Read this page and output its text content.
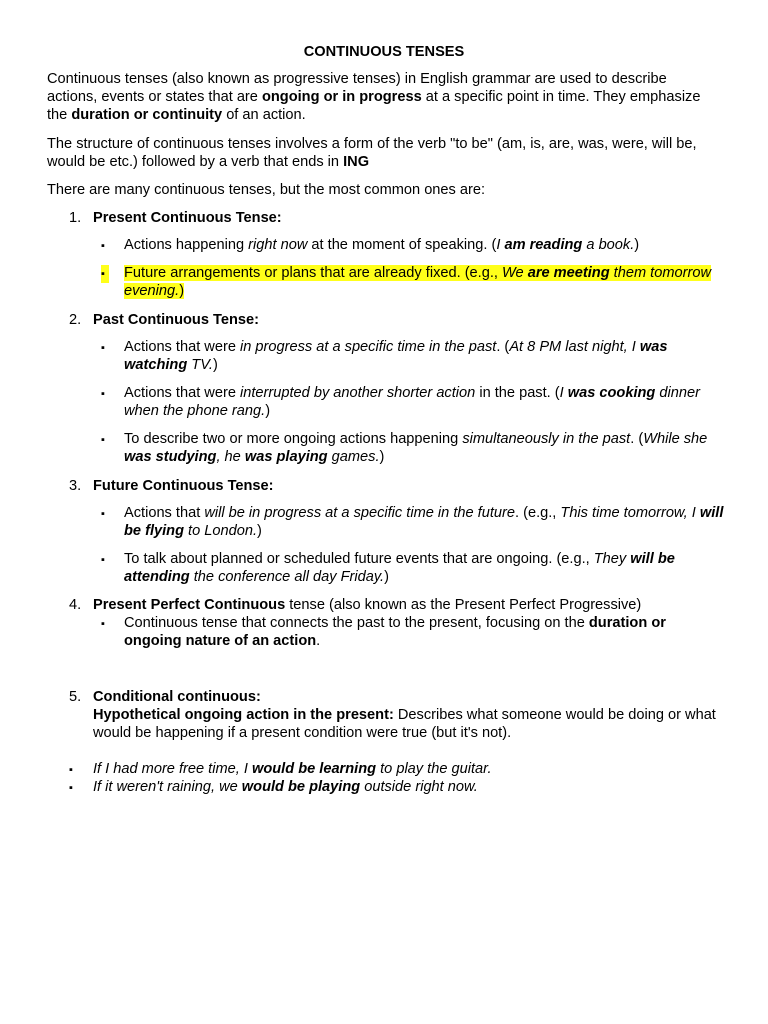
CONTINUOUS TENSES
Continuous tenses (also known as progressive tenses) in English grammar are used to describe actions, events or states that are ongoing or in progress at a specific point in time. They emphasize the duration or continuity of an action.
The structure of continuous tenses involves a form of the verb "to be" (am, is, are, was, were, will be, would be etc.) followed by a verb that ends in ING
There are many continuous tenses, but the most common ones are:
1. Present Continuous Tense:
▪ Actions happening right now at the moment of speaking. (I am reading a book.)
▪ Future arrangements or plans that are already fixed. (e.g., We are meeting them tomorrow evening.)
2. Past Continuous Tense:
▪ Actions that were in progress at a specific time in the past. (At 8 PM last night, I was watching TV.)
▪ Actions that were interrupted by another shorter action in the past. (I was cooking dinner when the phone rang.)
▪ To describe two or more ongoing actions happening simultaneously in the past. (While she was studying, he was playing games.)
3. Future Continuous Tense:
▪ Actions that will be in progress at a specific time in the future. (e.g., This time tomorrow, I will be flying to London.)
▪ To talk about planned or scheduled future events that are ongoing. (e.g., They will be attending the conference all day Friday.)
4. Present Perfect Continuous tense (also known as the Present Perfect Progressive)
▪ Continuous tense that connects the past to the present, focusing on the duration or ongoing nature of an action.
5. Conditional continuous:
Hypothetical ongoing action in the present: Describes what someone would be doing or what would be happening if a present condition were true (but it's not).
▪ If I had more free time, I would be learning to play the guitar.
▪ If it weren't raining, we would be playing outside right now.
